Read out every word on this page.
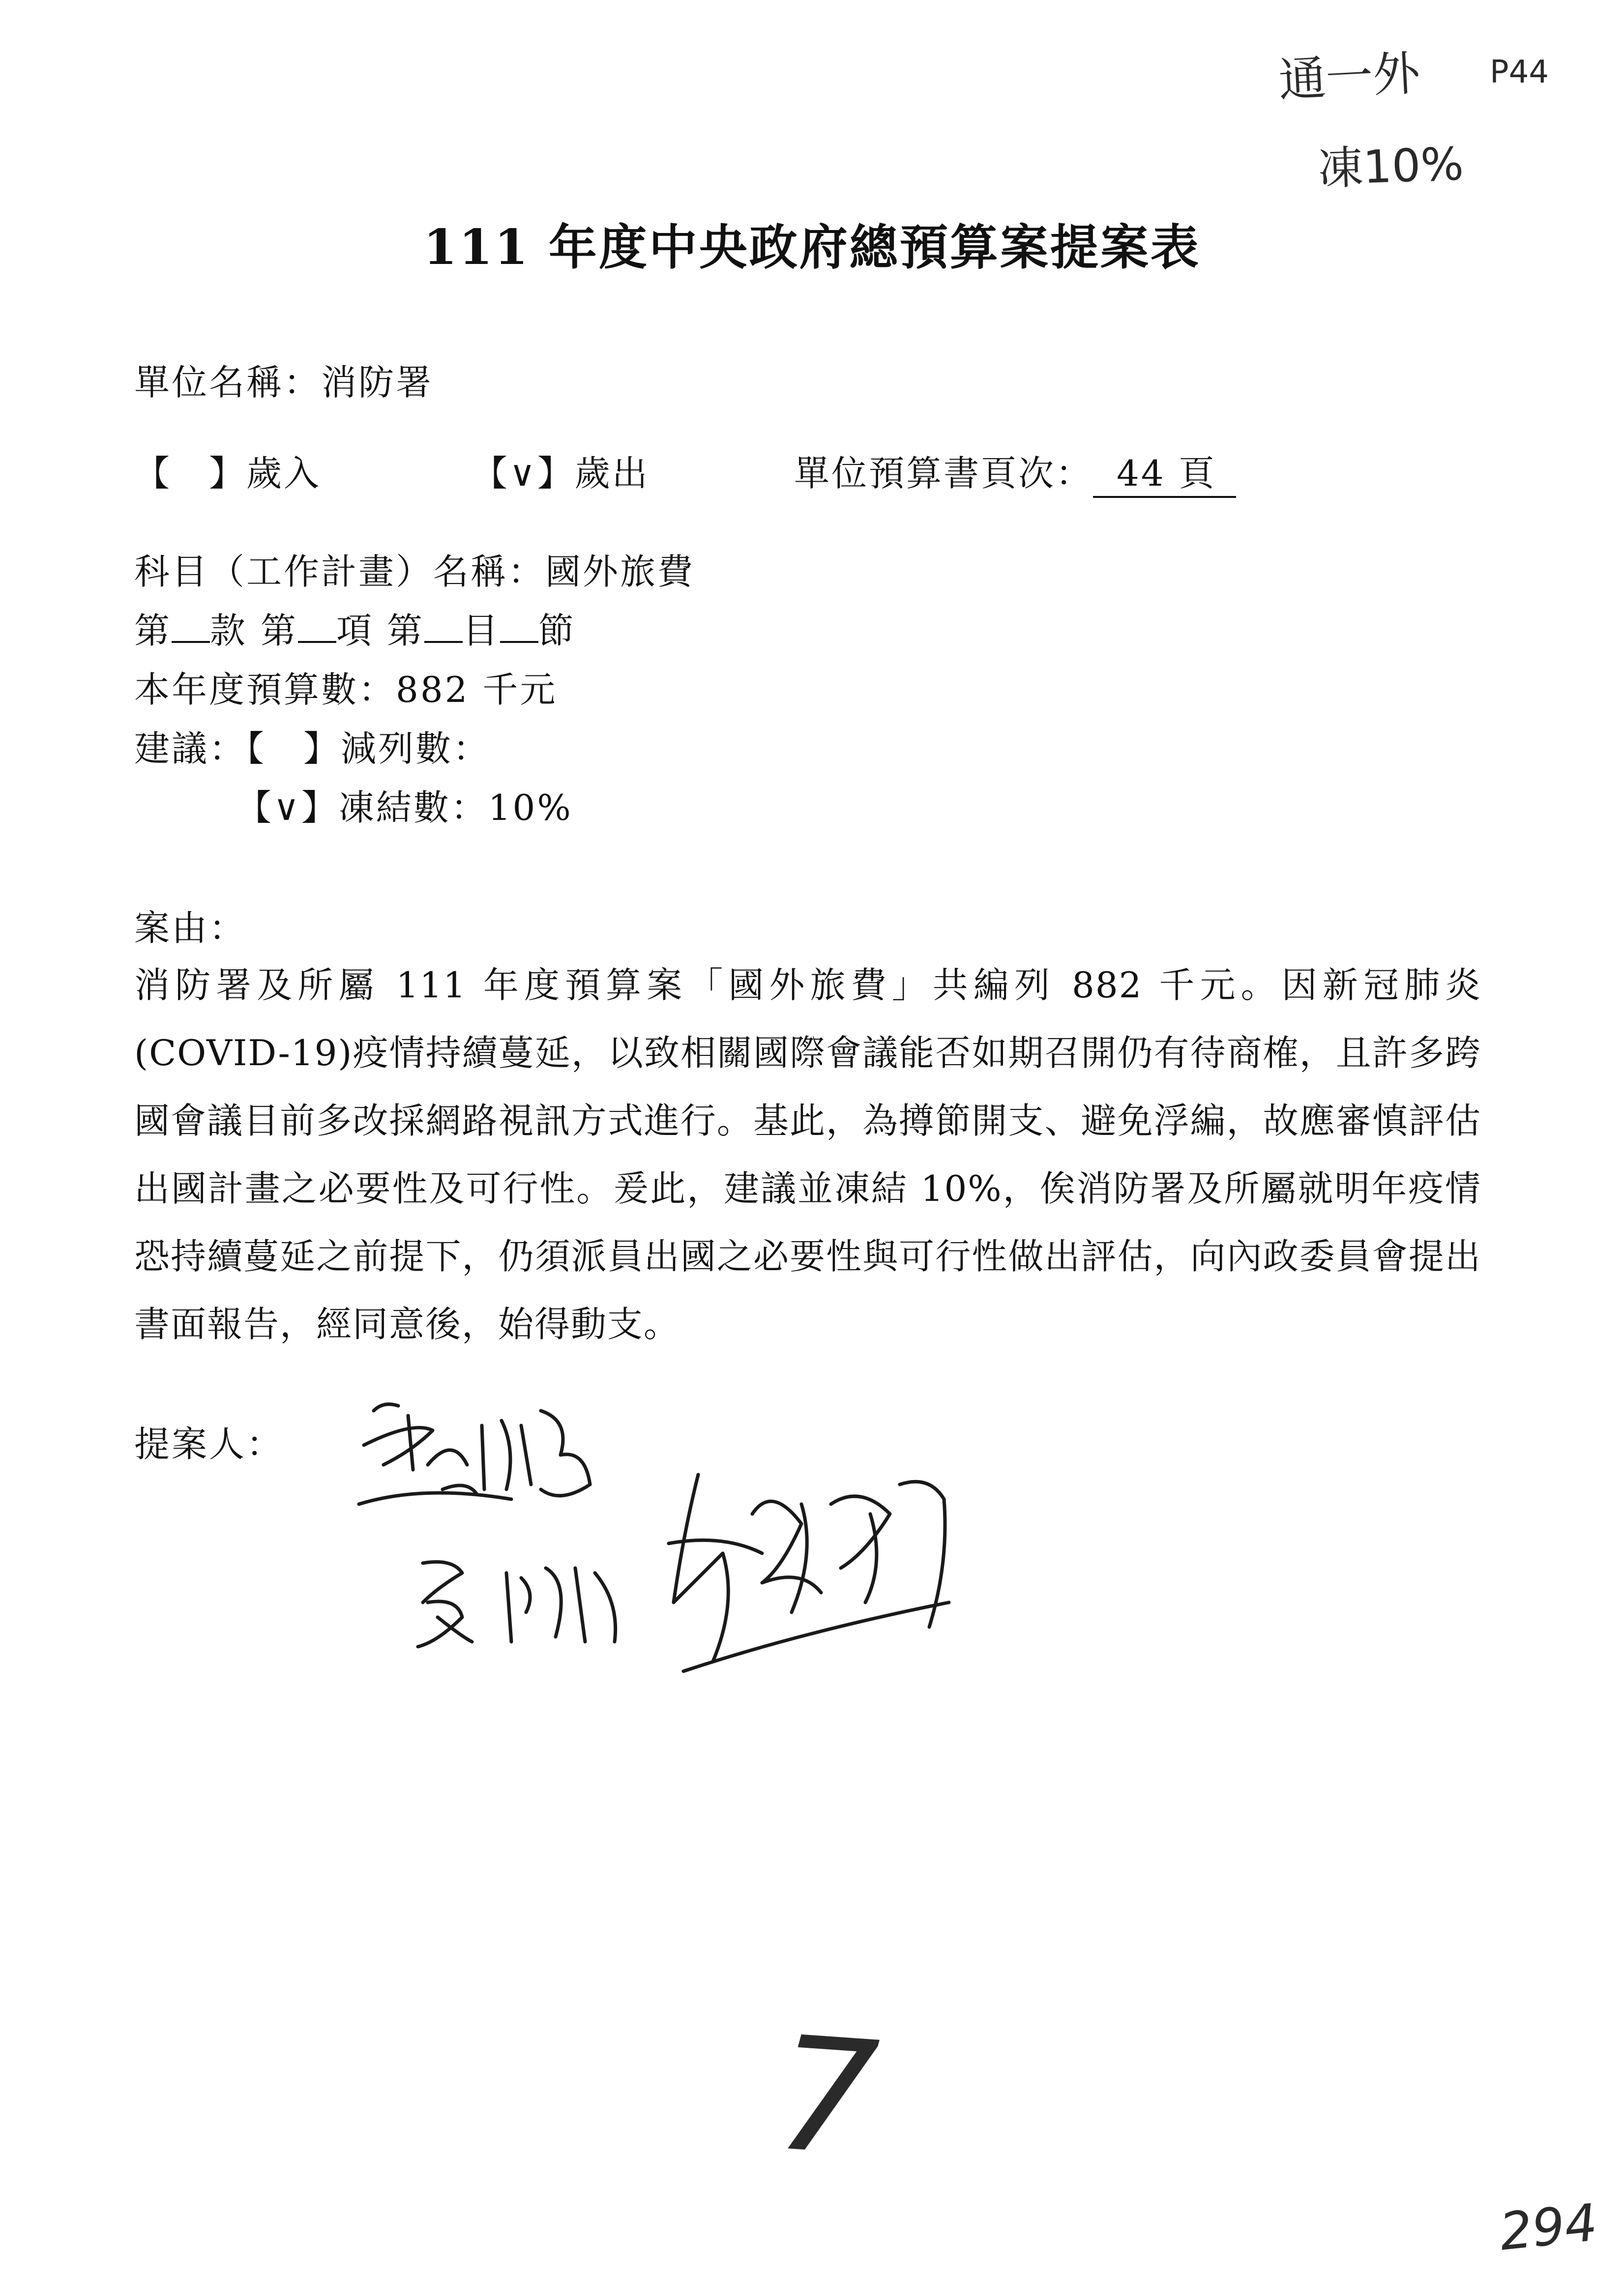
通一外 P44
凍10%
111 年度中央政府總預算案提案表
單位名稱：消防署
【　】歲入	【∨】歲出	單位預算書頁次： 44 頁
科目（工作計畫）名稱：國外旅費
第 款 第 項 第 目 節
本年度預算數：882 千元
建議：【　】減列數：
【∨】凍結數：10%
案由：
消防署及所屬 111 年度預算案「國外旅費」共編列 882 千元。因新冠肺炎(COVID-19)疫情持續蔓延，以致相關國際會議能否如期召開仍有待商榷，且許多跨國會議目前多改採網路視訊方式進行。基此，為撙節開支、避免浮編，故應審慎評估出國計畫之必要性及可行性。爰此，建議並凍結 10%，俟消防署及所屬就明年疫情恐持續蔓延之前提下，仍須派員出國之必要性與可行性做出評估，向內政委員會提出書面報告，經同意後，始得動支。
提案人：
7
294
